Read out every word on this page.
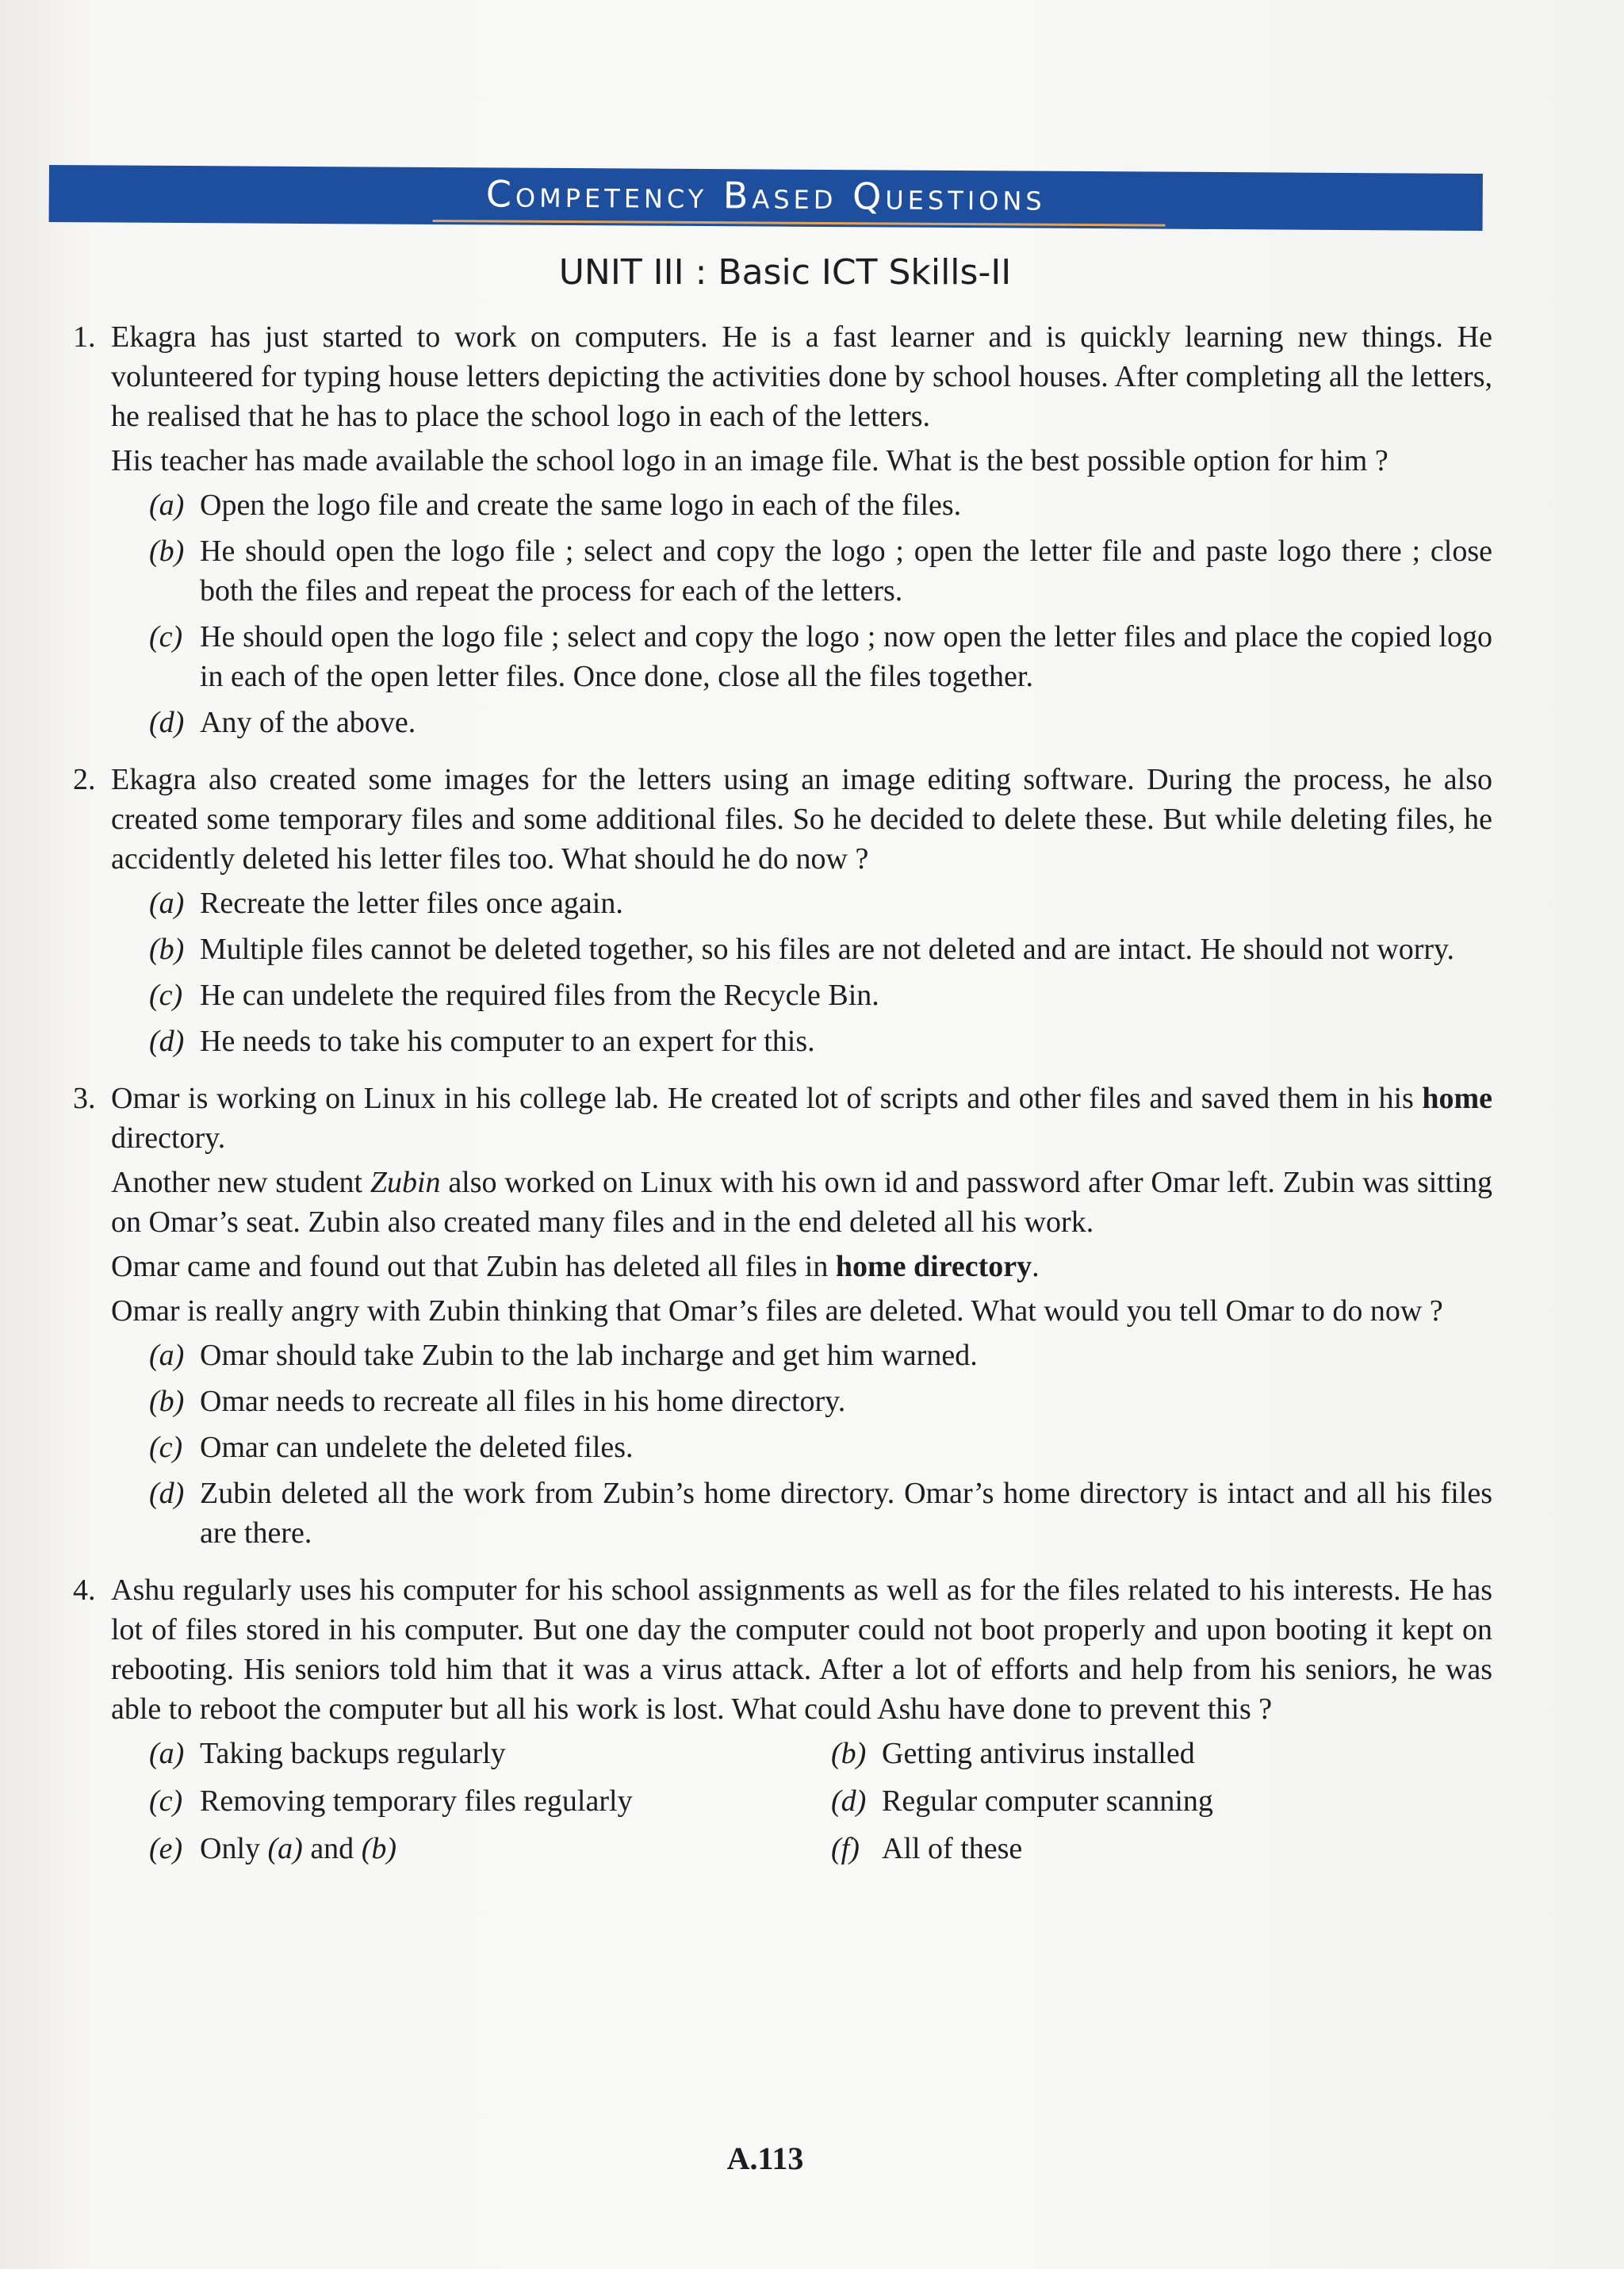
Competency Based Questions
UNIT III : Basic ICT Skills-II
1. Ekagra has just started to work on computers. He is a fast learner and is quickly learning new things. He volunteered for typing house letters depicting the activities done by school houses. After completing all the letters, he realised that he has to place the school logo in each of the letters.

His teacher has made available the school logo in an image file. What is the best possible option for him ?

(a) Open the logo file and create the same logo in each of the files.
(b) He should open the logo file ; select and copy the logo ; open the letter file and paste logo there ; close both the files and repeat the process for each of the letters.
(c) He should open the logo file ; select and copy the logo ; now open the letter files and place the copied logo in each of the open letter files. Once done, close all the files together.
(d) Any of the above.
2. Ekagra also created some images for the letters using an image editing software. During the process, he also created some temporary files and some additional files. So he decided to delete these. But while deleting files, he accidently deleted his letter files too. What should he do now ?

(a) Recreate the letter files once again.
(b) Multiple files cannot be deleted together, so his files are not deleted and are intact. He should not worry.
(c) He can undelete the required files from the Recycle Bin.
(d) He needs to take his computer to an expert for this.
3. Omar is working on Linux in his college lab. He created lot of scripts and other files and saved them in his home directory.

Another new student Zubin also worked on Linux with his own id and password after Omar left. Zubin was sitting on Omar’s seat. Zubin also created many files and in the end deleted all his work.

Omar came and found out that Zubin has deleted all files in home directory.

Omar is really angry with Zubin thinking that Omar’s files are deleted. What would you tell Omar to do now ?

(a) Omar should take Zubin to the lab incharge and get him warned.
(b) Omar needs to recreate all files in his home directory.
(c) Omar can undelete the deleted files.
(d) Zubin deleted all the work from Zubin’s home directory. Omar’s home directory is intact and all his files are there.
4. Ashu regularly uses his computer for his school assignments as well as for the files related to his interests. He has lot of files stored in his computer. But one day the computer could not boot properly and upon booting it kept on rebooting. His seniors told him that it was a virus attack. After a lot of efforts and help from his seniors, he was able to reboot the computer but all his work is lost. What could Ashu have done to prevent this ?

(a) Taking backups regularly	(b) Getting antivirus installed
(c) Removing temporary files regularly	(d) Regular computer scanning
(e) Only (a) and (b)	(f) All of these
A.113
